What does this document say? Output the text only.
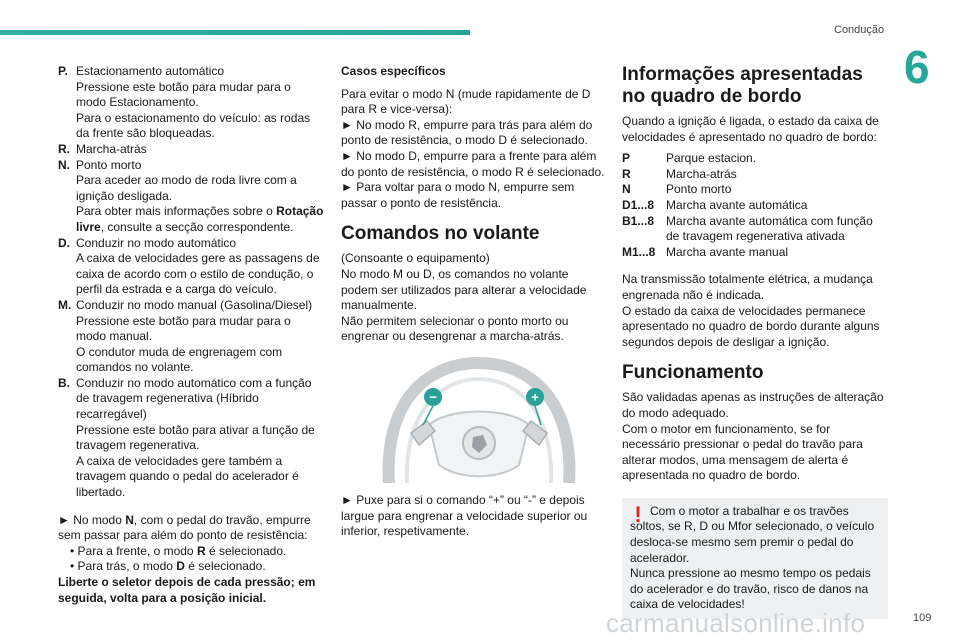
Condução
6
P. Estacionamento automático

Pressione este botão para mudar para o modo Estacionamento.

Para o estacionamento do veículo: as rodas da frente são bloqueadas.

R. Marcha-atrás

N. Ponto morto

Para aceder ao modo de roda livre com a ignição desligada.

Para obter mais informações sobre o Rotação livre, consulte a secção correspondente.

D. Conduzir no modo automático

A caixa de velocidades gere as passagens de caixa de acordo com o estilo de condução, o perfil da estrada e a carga do veículo.

M. Conduzir no modo manual (Gasolina/Diesel)

Pressione este botão para mudar para o modo manual.

O condutor muda de engrenagem com comandos no volante.

B. Conduzir no modo automático com a função de travagem regenerativa (Híbrido recarregável)

Pressione este botão para ativar a função de travagem regenerativa.

A caixa de velocidades gere também a travagem quando o pedal do acelerador é libertado.

► No modo N, com o pedal do travão, empurre sem passar para além do ponto de resistência:
• Para a frente, o modo R é selecionado.
• Para trás, o modo D é selecionado.
Liberte o seletor depois de cada pressão; em seguida, volta para a posição inicial.
Casos específicos

Para evitar o modo N (mude rapidamente de D para R e vice-versa):

► No modo R, empurre para trás para além do ponto de resistência, o modo D é selecionado.

► No modo D, empurre para a frente para além do ponto de resistência, o modo R é selecionado.

► Para voltar para o modo N, empurre sem passar o ponto de resistência.

Comandos no volante

(Consoante o equipamento)

No modo M ou D, os comandos no volante podem ser utilizados para alterar a velocidade manualmente.

Não permitem selecionar o ponto morto ou engrenar ou desengrenar a marcha-atrás.

−	+

► Puxe para si o comando “+” ou “-” e depois largue para engrenar a velocidade superior ou inferior, respetivamente.

Informações apresentadas no quadro de bordo

Quando a ignição é ligada, o estado da caixa de velocidades é apresentado no quadro de bordo:

P	Parque estacion.
R	Marcha-atrás
N	Ponto morto
D1...8 Marcha avante automática
B1...8 Marcha avante automática com função de travagem regenerativa ativada
M1...8 Marcha avante manual

Na transmissão totalmente elétrica, a mudança engrenada não é indicada.

O estado da caixa de velocidades permanece apresentado no quadro de bordo durante alguns segundos depois de desligar a ignição.

Funcionamento

São validadas apenas as instruções de alteração do modo adequado.

Com o motor em funcionamento, se for necessário pressionar o pedal do travão para alterar modos, uma mensagem de alerta é apresentada no quadro de bordo.

! Com o motor a trabalhar e os travões soltos, se R, D ou Mfor selecionado, o veículo desloca-se mesmo sem premir o pedal do acelerador.

Nunca pressione ao mesmo tempo os pedais do acelerador e do travão, risco de danos na caixa de velocidades!

carmanualsonline.info	109
